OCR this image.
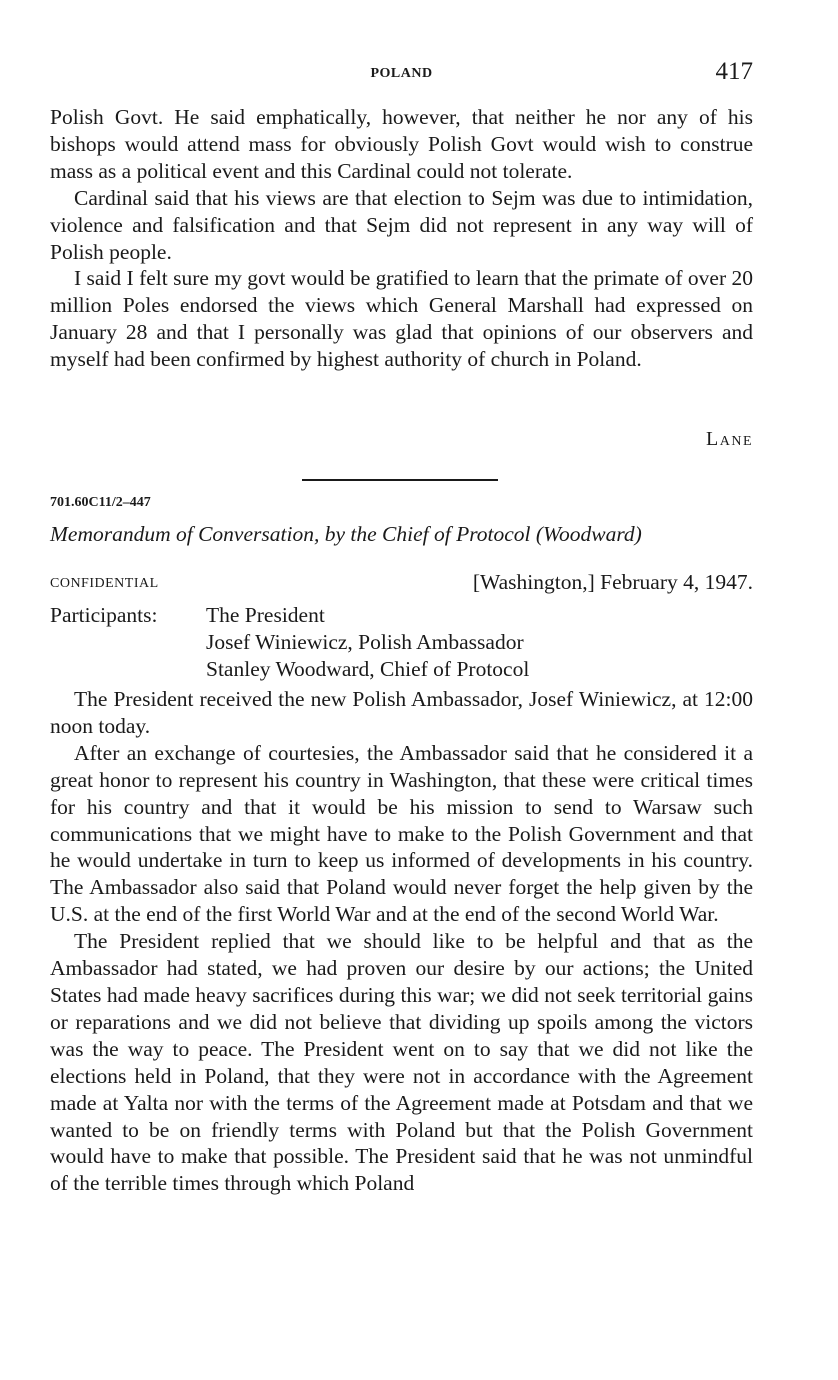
POLAND	417

Polish Govt. He said emphatically, however, that neither he nor any of his bishops would attend mass for obviously Polish Govt would wish to construe mass as a political event and this Cardinal could not tolerate.

Cardinal said that his views are that election to Sejm was due to intimidation, violence and falsification and that Sejm did not represent in any way will of Polish people.

I said I felt sure my govt would be gratified to learn that the primate of over 20 million Poles endorsed the views which General Marshall had expressed on January 28 and that I personally was glad that opinions of our observers and myself had been confirmed by highest authority of church in Poland.

Lane
701.60C11/2–447
Memorandum of Conversation, by the Chief of Protocol (Woodward)
CONFIDENTIAL	[Washington,] February 4, 1947.
Participants: The President
Josef Winiewicz, Polish Ambassador
Stanley Woodward, Chief of Protocol

The President received the new Polish Ambassador, Josef Winiewicz, at 12:00 noon today.

After an exchange of courtesies, the Ambassador said that he considered it a great honor to represent his country in Washington, that these were critical times for his country and that it would be his mission to send to Warsaw such communications that we might have to make to the Polish Government and that he would undertake in turn to keep us informed of developments in his country. The Ambassador also said that Poland would never forget the help given by the U.S. at the end of the first World War and at the end of the second World War.

The President replied that we should like to be helpful and that as the Ambassador had stated, we had proven our desire by our actions; the United States had made heavy sacrifices during this war; we did not seek territorial gains or reparations and we did not believe that dividing up spoils among the victors was the way to peace. The President went on to say that we did not like the elections held in Poland, that they were not in accordance with the Agreement made at Yalta nor with the terms of the Agreement made at Potsdam and that we wanted to be on friendly terms with Poland but that the Polish Government would have to make that possible. The President said that he was not unmindful of the terrible times through which Poland
